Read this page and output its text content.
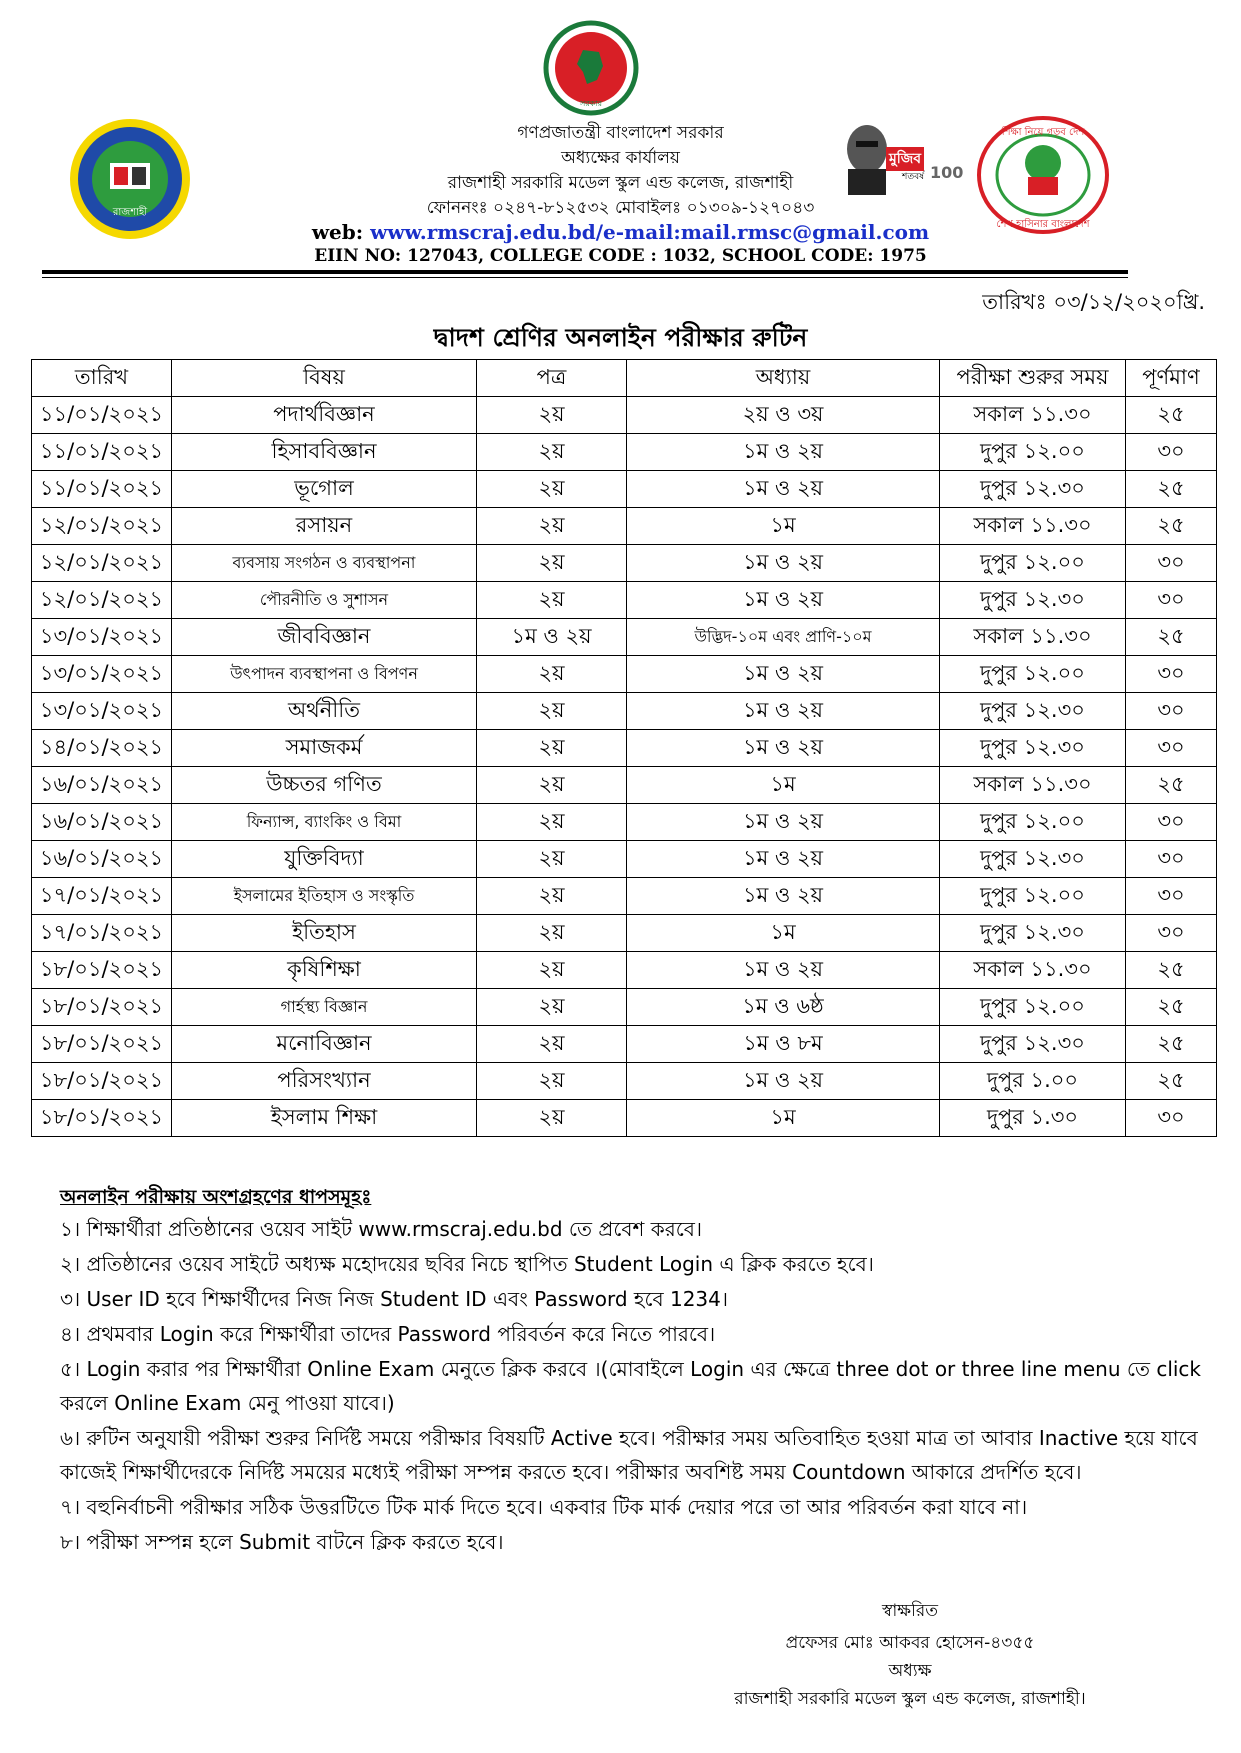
সরকার
রাজশাহী
মুজিব
শতবর্ষ 100
শিক্ষা নিয়ে গড়ব দেশ
শেখ হাসিনার বাংলাদেশ
গণপ্রজাতন্ত্রী বাংলাদেশ সরকার
অধ্যক্ষের কার্যালয়
রাজশাহী সরকারি মডেল স্কুল এন্ড কলেজ, রাজশাহী
ফোননংঃ ০২৪৭-৮১২৫৩২ মোবাইলঃ ০১৩০৯-১২৭০৪৩
web: www.rmscraj.edu.bd/e-mail:mail.rmsc@gmail.com
EIIN NO: 127043, COLLEGE CODE : 1032, SCHOOL CODE: 1975
তারিখঃ ০৩/১২/২০২০খ্রি.
দ্বাদশ শ্রেণির অনলাইন পরীক্ষার রুটিন
তারিখ	বিষয়	পত্র	অধ্যায়	পরীক্ষা শুরুর সময়	পূর্ণমাণ
১১/০১/২০২১	পদার্থবিজ্ঞান	২য়	২য় ও ৩য়	সকাল ১১.৩০	২৫
১১/০১/২০২১	হিসাববিজ্ঞান	২য়	১ম ও ২য়	দুপুর ১২.০০	৩০
১১/০১/২০২১	ভূগোল	২য়	১ম ও ২য়	দুপুর ১২.৩০	২৫
১২/০১/২০২১	রসায়ন	২য়	১ম	সকাল ১১.৩০	২৫
১২/০১/২০২১	ব্যবসায় সংগঠন ও ব্যবস্থাপনা	২য়	১ম ও ২য়	দুপুর ১২.০০	৩০
১২/০১/২০২১	পৌরনীতি ও সুশাসন	২য়	১ম ও ২য়	দুপুর ১২.৩০	৩০
১৩/০১/২০২১	জীববিজ্ঞান	১ম ও ২য়	উদ্ভিদ-১০ম এবং প্রাণি-১০ম	সকাল ১১.৩০	২৫
১৩/০১/২০২১	উৎপাদন ব্যবস্থাপনা ও বিপণন	২য়	১ম ও ২য়	দুপুর ১২.০০	৩০
১৩/০১/২০২১	অর্থনীতি	২য়	১ম ও ২য়	দুপুর ১২.৩০	৩০
১৪/০১/২০২১	সমাজকর্ম	২য়	১ম ও ২য়	দুপুর ১২.৩০	৩০
১৬/০১/২০২১	উচ্চতর গণিত	২য়	১ম	সকাল ১১.৩০	২৫
১৬/০১/২০২১	ফিন্যান্স, ব্যাংকিং ও বিমা	২য়	১ম ও ২য়	দুপুর ১২.০০	৩০
১৬/০১/২০২১	যুক্তিবিদ্যা	২য়	১ম ও ২য়	দুপুর ১২.৩০	৩০
১৭/০১/২০২১	ইসলামের ইতিহাস ও সংস্কৃতি	২য়	১ম ও ২য়	দুপুর ১২.০০	৩০
১৭/০১/২০২১	ইতিহাস	২য়	১ম	দুপুর ১২.৩০	৩০
১৮/০১/২০২১	কৃষিশিক্ষা	২য়	১ম ও ২য়	সকাল ১১.৩০	২৫
১৮/০১/২০২১	গার্হস্থ্য বিজ্ঞান	২য়	১ম ও ৬ষ্ঠ	দুপুর ১২.০০	২৫
১৮/০১/২০২১	মনোবিজ্ঞান	২য়	১ম ও ৮ম	দুপুর ১২.৩০	২৫
১৮/০১/২০২১	পরিসংখ্যান	২য়	১ম ও ২য়	দুপুর ১.০০	২৫
১৮/০১/২০২১	ইসলাম শিক্ষা	২য়	১ম	দুপুর ১.৩০	৩০
অনলাইন পরীক্ষায় অংশগ্রহণের ধাপসমূহঃ
১। শিক্ষার্থীরা প্রতিষ্ঠানের ওয়েব সাইট www.rmscraj.edu.bd তে প্রবেশ করবে।
২। প্রতিষ্ঠানের ওয়েব সাইটে অধ্যক্ষ মহোদয়ের ছবির নিচে স্থাপিত Student Login এ ক্লিক করতে হবে।
৩। User ID হবে শিক্ষার্থীদের নিজ নিজ Student ID এবং Password হবে 1234।
৪। প্রথমবার Login করে শিক্ষার্থীরা তাদের Password পরিবর্তন করে নিতে পারবে।
৫। Login করার পর শিক্ষার্থীরা Online Exam মেনুতে ক্লিক করবে ।(মোবাইলে Login এর ক্ষেত্রে three dot or three line menu তে click করলে Online Exam মেনু পাওয়া যাবে।)
৬। রুটিন অনুযায়ী পরীক্ষা শুরুর নির্দিষ্ট সময়ে পরীক্ষার বিষয়টি Active হবে। পরীক্ষার সময় অতিবাহিত হওয়া মাত্র তা আবার Inactive হয়ে যাবে কাজেই শিক্ষার্থীদেরকে নির্দিষ্ট সময়ের মধ্যেই পরীক্ষা সম্পন্ন করতে হবে। পরীক্ষার অবশিষ্ট সময় Countdown আকারে প্রদর্শিত হবে।
৭। বহুনির্বাচনী পরীক্ষার সঠিক উত্তরটিতে টিক মার্ক দিতে হবে। একবার টিক মার্ক দেয়ার পরে তা আর পরিবর্তন করা যাবে না।
৮। পরীক্ষা সম্পন্ন হলে Submit বাটনে ক্লিক করতে হবে।
স্বাক্ষরিত
প্রফেসর মোঃ আকবর হোসেন-৪৩৫৫
অধ্যক্ষ
রাজশাহী সরকারি মডেল স্কুল এন্ড কলেজ, রাজশাহী।
